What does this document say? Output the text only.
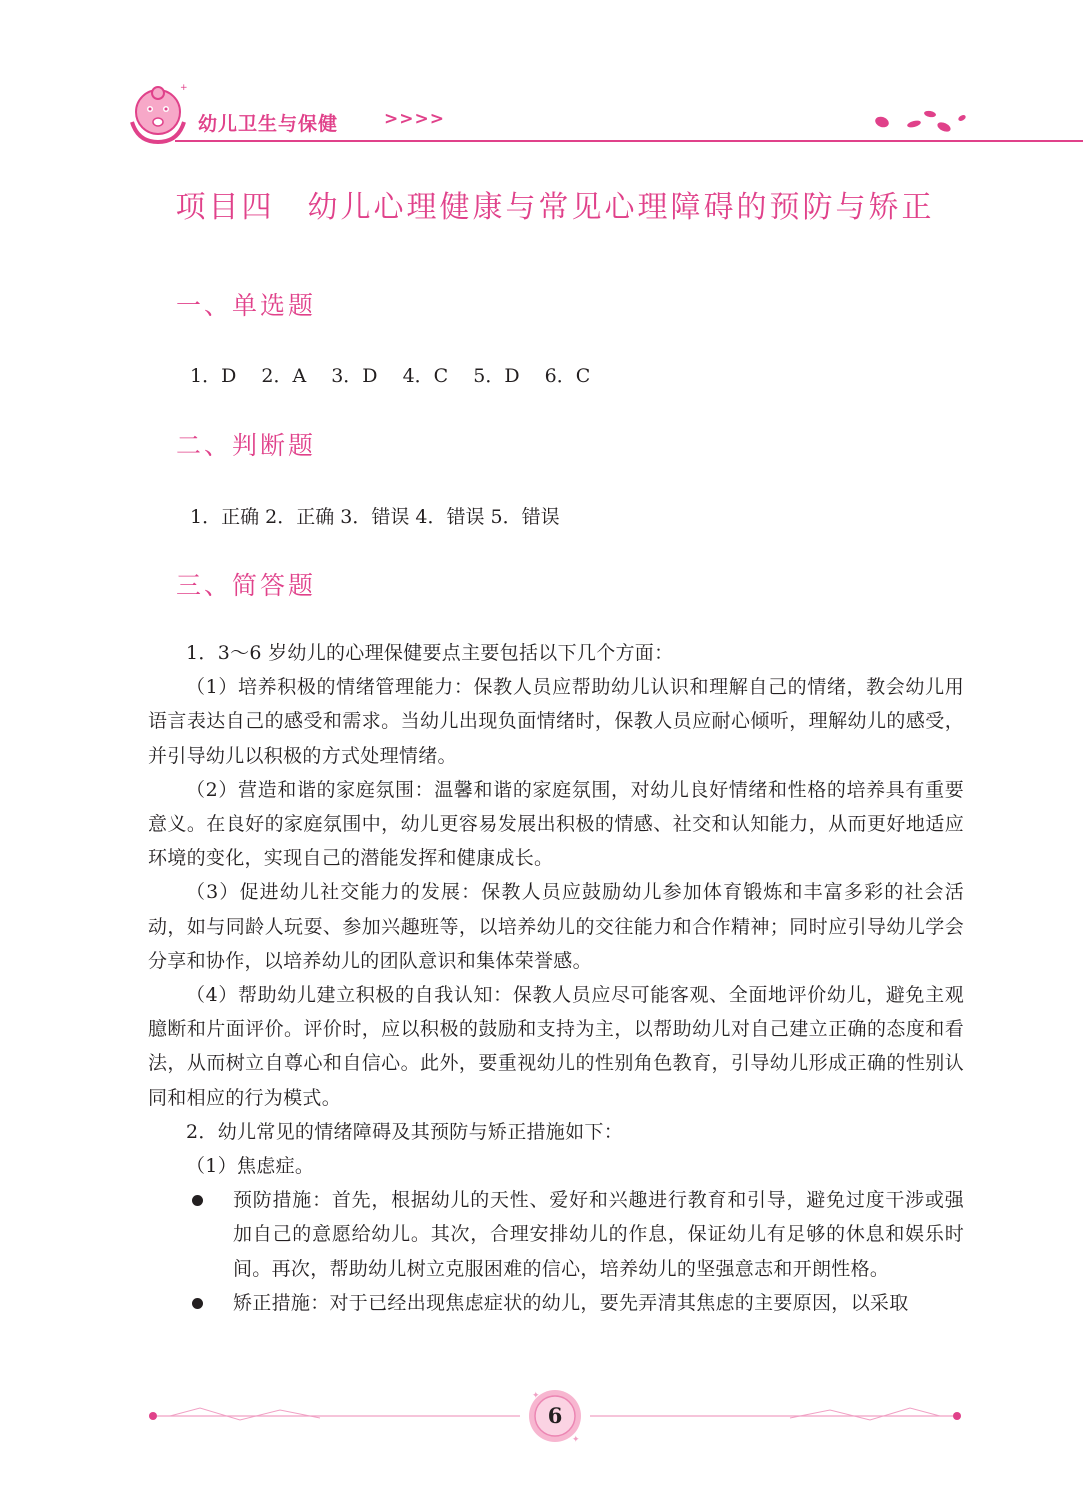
+
幼儿卫生与保健	>>>>
项目四　幼儿心理健康与常见心理障碍的预防与矫正
一、单选题
1．D　 2．A　 3．D　 4．C　 5．D　 6．C
二、判断题
1．正确 2．正确 3．错误 4．错误 5．错误
三、简答题

1．3～6 岁幼儿的心理保健要点主要包括以下几个方面：

（1）培养积极的情绪管理能力：保教人员应帮助幼儿认识和理解自己的情绪，教会幼儿用语言表达自己的感受和需求。当幼儿出现负面情绪时，保教人员应耐心倾听，理解幼儿的感受，并引导幼儿以积极的方式处理情绪。

（2）营造和谐的家庭氛围：温馨和谐的家庭氛围，对幼儿良好情绪和性格的培养具有重要意义。在良好的家庭氛围中，幼儿更容易发展出积极的情感、社交和认知能力，从而更好地适应环境的变化，实现自己的潜能发挥和健康成长。

（3）促进幼儿社交能力的发展：保教人员应鼓励幼儿参加体育锻炼和丰富多彩的社会活动，如与同龄人玩耍、参加兴趣班等，以培养幼儿的交往能力和合作精神；同时应引导幼儿学会分享和协作，以培养幼儿的团队意识和集体荣誉感。

（4）帮助幼儿建立积极的自我认知：保教人员应尽可能客观、全面地评价幼儿，避免主观臆断和片面评价。评价时，应以积极的鼓励和支持为主，以帮助幼儿对自己建立正确的态度和看法，从而树立自尊心和自信心。此外，要重视幼儿的性别角色教育，引导幼儿形成正确的性别认同和相应的行为模式。

2．幼儿常见的情绪障碍及其预防与矫正措施如下：

（1）焦虑症。

预防措施：首先，根据幼儿的天性、爱好和兴趣进行教育和引导，避免过度干涉或强加自己的意愿给幼儿。其次，合理安排幼儿的作息，保证幼儿有足够的休息和娱乐时间。再次，帮助幼儿树立克服困难的信心，培养幼儿的坚强意志和开朗性格。
矫正措施：对于已经出现焦虑症状的幼儿，要先弄清其焦虑的主要原因，以采取
✦
✦
6
